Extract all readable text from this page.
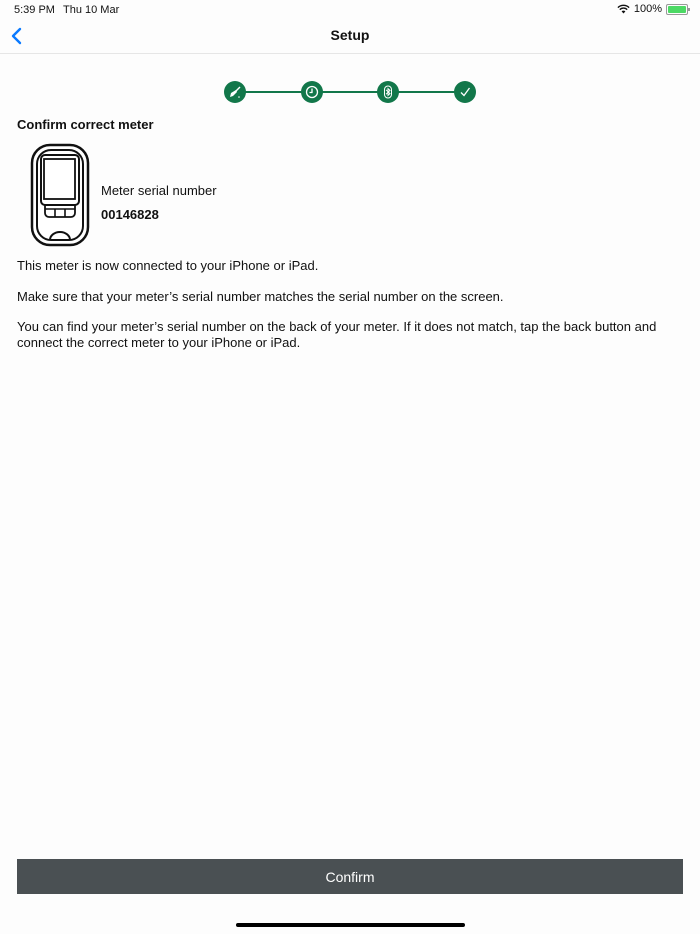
5:39 PM Thu 10 Mar	100%
Setup
Confirm correct meter
Meter serial number
00146828
This meter is now connected to your iPhone or iPad.
Make sure that your meter’s serial number matches the serial number on the screen.
You can find your meter’s serial number on the back of your meter. If it does not match, tap the back button and connect the correct meter to your iPhone or iPad.
Confirm
